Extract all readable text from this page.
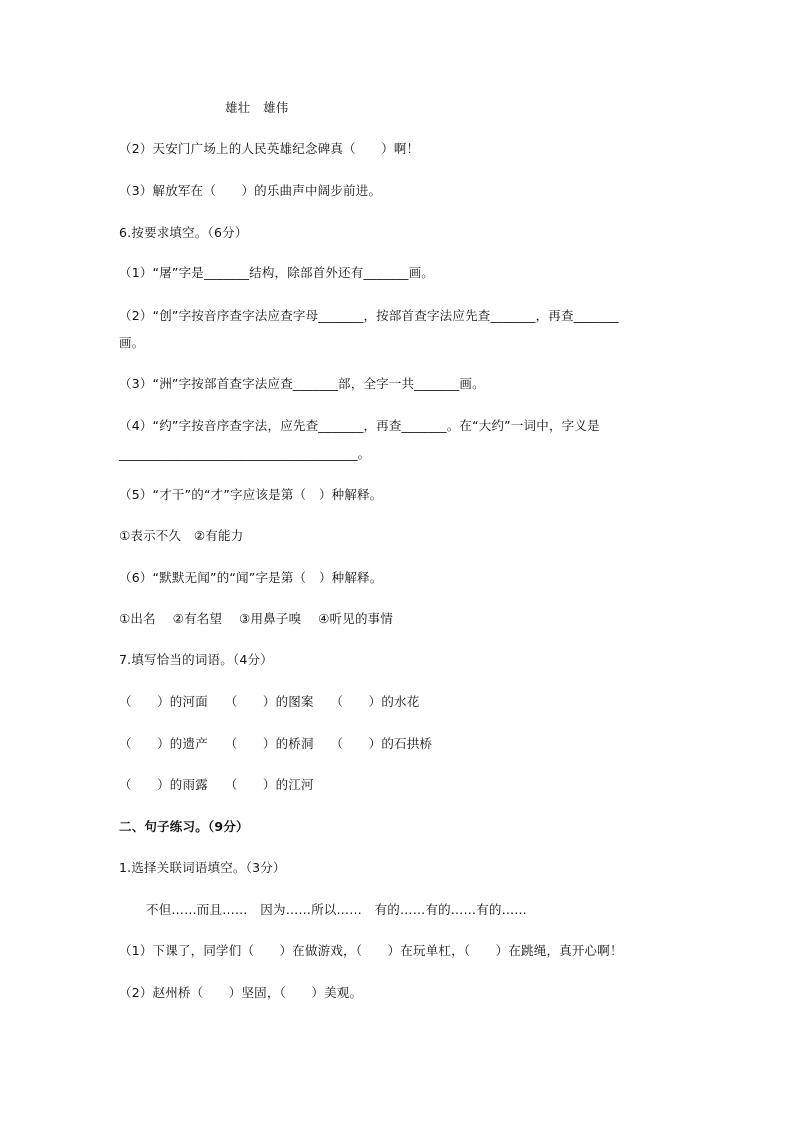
雄壮　雄伟
（2）天安门广场上的人民英雄纪念碑真（　　）啊！
（3）解放军在（　　）的乐曲声中阔步前进。
6.按要求填空。（6分）
（1）“屠”字是_______结构，除部首外还有_______画。
（2）“创”字按音序查字法应查字母_______，按部首查字法应先查_______，再查_______
画。
（3）“洲”字按部首查字法应查_______部，全字一共_______画。
（4）“约”字按音序查字法，应先查_______，再查_______。在“大约”一词中，字义是
_____________________________________。
（5）“才干”的“才”字应该是第（　）种解释。
①表示不久　②有能力
（6）“默默无闻”的“闻”字是第（　）种解释。
①出名　 ②有名望　 ③用鼻子嗅　 ④听见的事情
7.填写恰当的词语。（4分）
（　　）的河面　 （　　）的图案　 （　　）的水花
（　　）的遗产　 （　　）的桥洞　 （　　）的石拱桥
（　　）的雨露　 （　　）的江河
二、句子练习。（9分）
1.选择关联词语填空。（3分）
不但……而且……　因为……所以……　有的……有的……有的……
（1）下课了，同学们（　　）在做游戏，（　　）在玩单杠，（　　）在跳绳，真开心啊！
（2）赵州桥（　　）坚固，（　　）美观。
